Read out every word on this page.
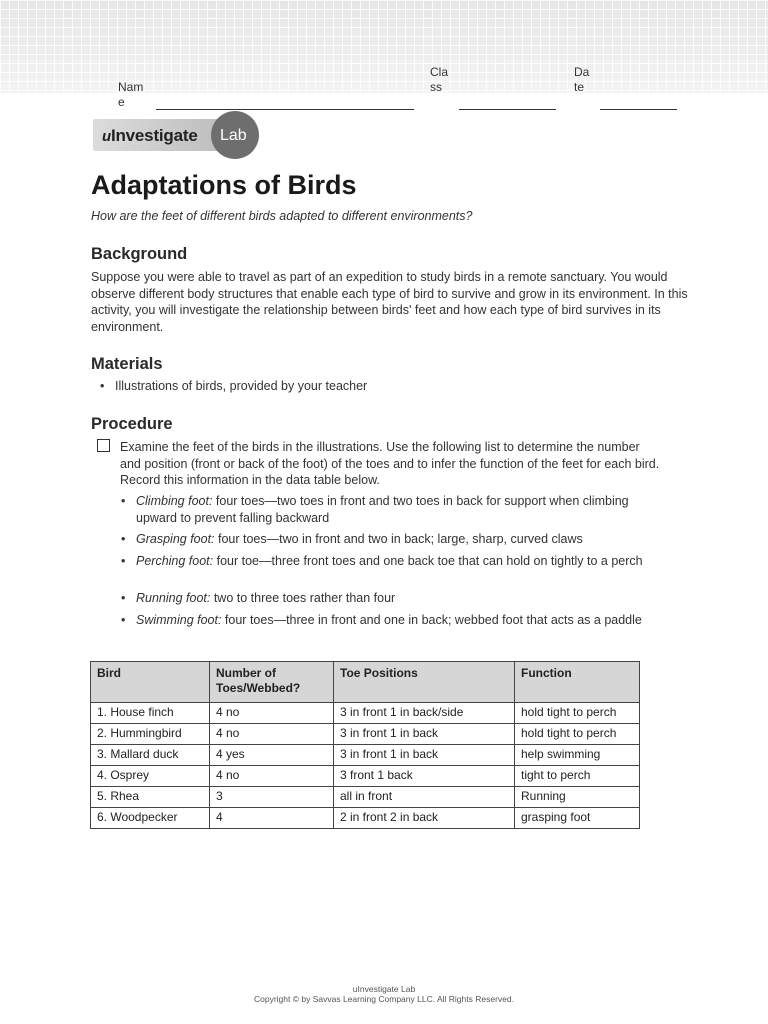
Name
Class
Date
uInvestigate Lab
Adaptations of Birds
How are the feet of different birds adapted to different environments?
Background
Suppose you were able to travel as part of an expedition to study birds in a remote sanctuary. You would observe different body structures that enable each type of bird to survive and grow in its environment. In this activity, you will investigate the relationship between birds' feet and how each type of bird survives in its environment.
Materials
• Illustrations of birds, provided by your teacher
Procedure
Examine the feet of the birds in the illustrations. Use the following list to determine the number and position (front or back of the foot) of the toes and to infer the function of the feet for each bird. Record this information in the data table below.
• Climbing foot: four toes—two toes in front and two toes in back for support when climbing upward to prevent falling backward
• Grasping foot: four toes—two in front and two in back; large, sharp, curved claws
• Perching foot: four toe—three front toes and one back toe that can hold on tightly to a perch
• Running foot: two to three toes rather than four
• Swimming foot: four toes—three in front and one in back; webbed foot that acts as a paddle
Bird	Number of Toes/Webbed?	Toe Positions	Function
1. House finch	4 no	3 in front 1 in back/side	hold tight to perch
2. Hummingbird	4 no	3 in front 1 in back	hold tight to perch
3. Mallard duck	4 yes	3 in front 1 in back	help swimming
4. Osprey	4 no	3 front 1 back	tight to perch
5. Rhea	3	all in front	Running
6. Woodpecker	4	2 in front 2 in back	grasping foot
uInvestigate Lab
Copyright © by Savvas Learning Company LLC. All Rights Reserved.
